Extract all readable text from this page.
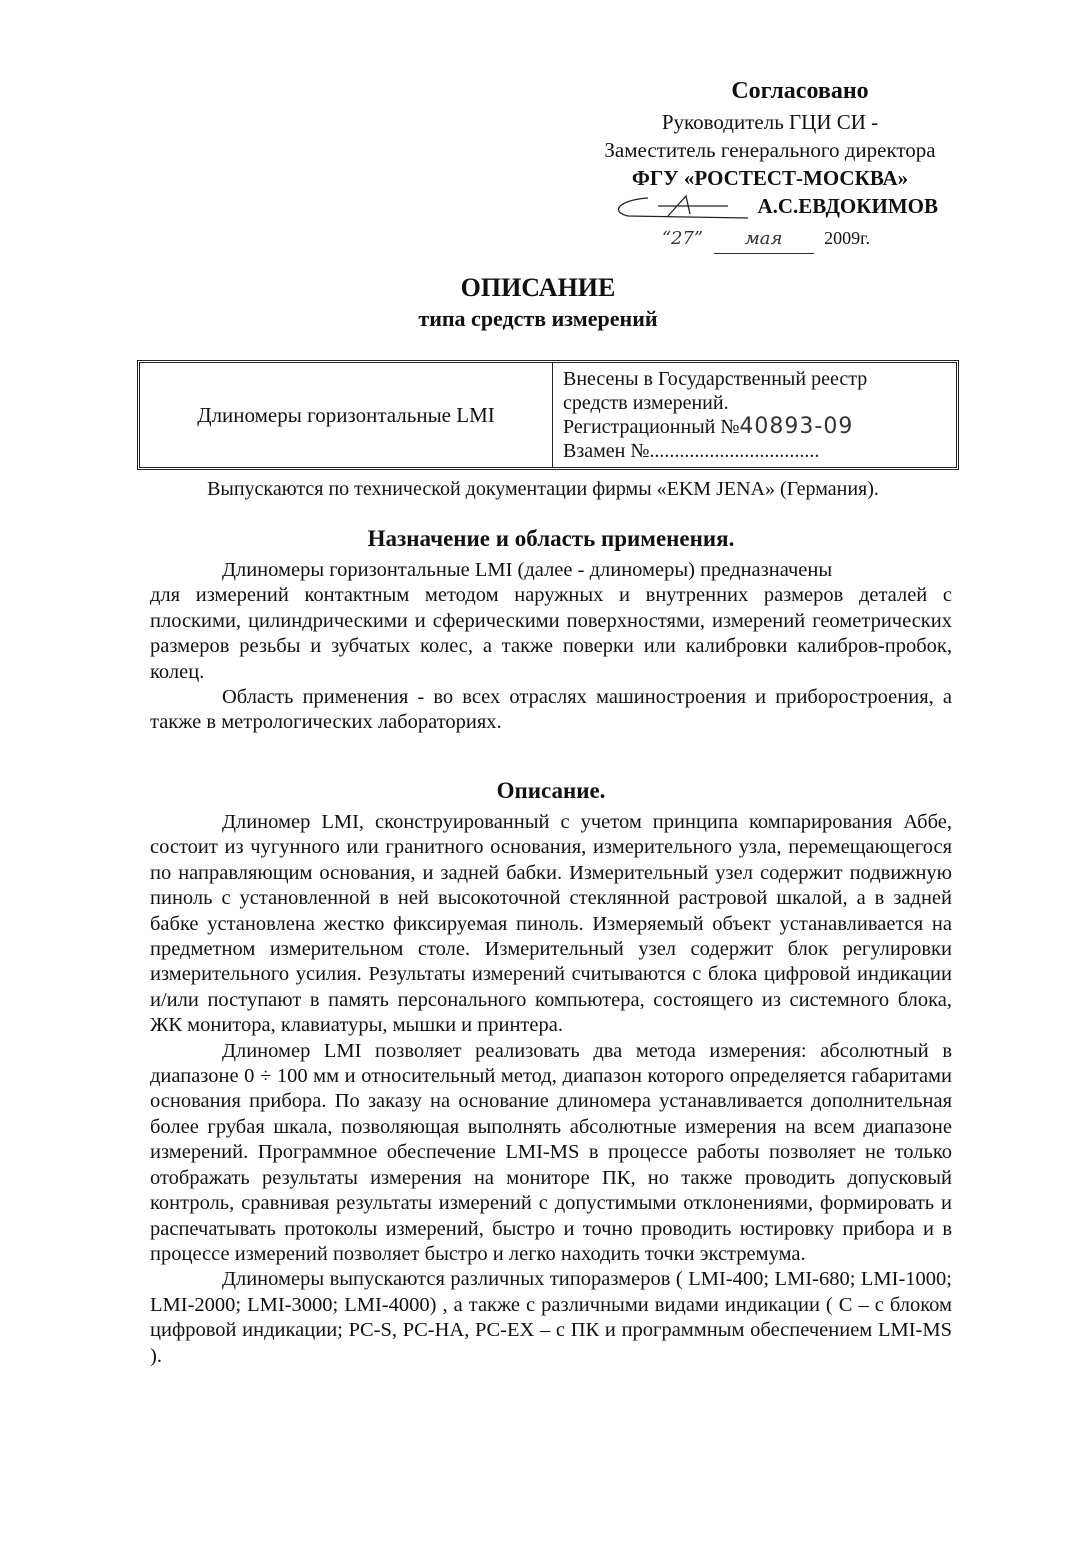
Согласовано
Руководитель ГЦИ СИ -
Заместитель генерального директора
ФГУ «РОСТЕСТ-МОСКВА»
А.С.ЕВДОКИМОВ
“27” мая 2009г.
ОПИСАНИЕ
типа средств измерений
Длиномеры горизонтальные LMI
Внесены в Государственный реестр
средств измерений.
Регистрационный №40893-09
Взамен №..................................
Выпускаются по технической документации фирмы «EKM JENA» (Германия).
Назначение и область применения.

Длиномеры горизонтальные LMI (далее - длиномеры) предназначены

для измерений контактным методом наружных и внутренних размеров деталей с плоскими, цилиндрическими и сферическими поверхностями, измерений геометрических размеров резьбы и зубчатых колес, а также поверки или калибровки калибров-пробок, колец.

Область применения - во всех отраслях машиностроения и приборостроения, а также в метрологических лабораториях.

Описание.

Длиномер LMI, сконструированный с учетом принципа компарирования Аббе, состоит из чугунного или гранитного основания, измерительного узла, перемещающегося по направляющим основания, и задней бабки. Измерительный узел содержит подвижную пиноль с установленной в ней высокоточной стеклянной растровой шкалой, а в задней бабке установлена жестко фиксируемая пиноль. Измеряемый объект устанавливается на предметном измерительном столе. Измерительный узел содержит блок регулировки измерительного усилия. Результаты измерений считываются с блока цифровой индикации и/или поступают в память персонального компьютера, состоящего из системного блока, ЖК монитора, клавиатуры, мышки и принтера.

Длиномер LMI позволяет реализовать два метода измерения: абсолютный в диапазоне 0 ÷ 100 мм и относительный метод, диапазон которого определяется габаритами основания прибора. По заказу на основание длиномера устанавливается дополнительная более грубая шкала, позволяющая выполнять абсолютные измерения на всем диапазоне измерений. Программное обеспечение LMI-MS в процессе работы позволяет не только отображать результаты измерения на мониторе ПК, но также проводить допусковый контроль, сравнивая результаты измерений с допустимыми отклонениями, формировать и распечатывать протоколы измерений, быстро и точно проводить юстировку прибора и в процессе измерений позволяет быстро и легко находить точки экстремума.

Длиномеры выпускаются различных типоразмеров ( LMI-400; LMI-680; LMI-1000; LMI-2000; LMI-3000; LMI-4000) , а также с различными видами индикации ( С – с блоком цифровой индикации; PC-S, PC-HA, PC-EX – с ПК и программным обеспечением LMI-MS ).
